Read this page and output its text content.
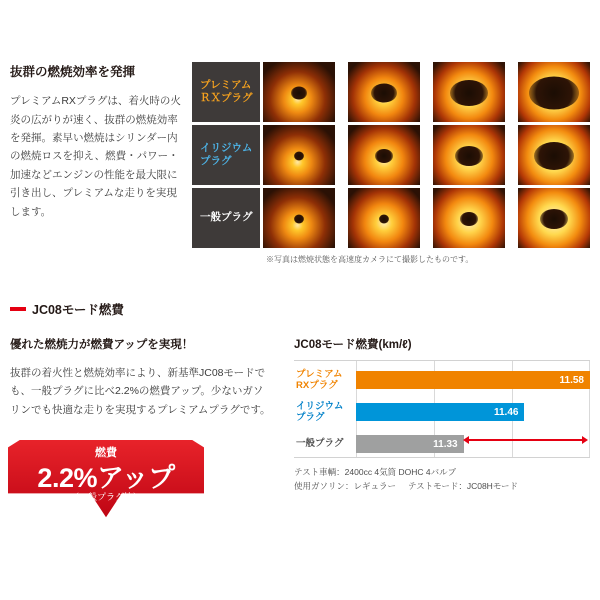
抜群の燃焼効率を発揮
プレミアムRXプラグは、着火時の火炎の広がりが速く、抜群の燃焼効率を発揮。素早い燃焼はシリンダー内の燃焼ロスを抑え、燃費・パワー・加速などエンジンの性能を最大限に引き出し、プレミアムな走りを実現します。
プレミアム
ＲＸプラグ	▶	▶	▶
イリジウム
プラグ	▶	▶	▶
一般プラグ	▶	▶	▶
※写真は燃焼状態を高速度カメラにて撮影したものです。
JC08モード燃費
優れた燃焼力が燃費アップを実現！
抜群の着火性と燃焼効率により、新基準JC08モードでも、一般プラグに比べ2.2%の燃費アップ。少ないガソリンでも快適な走りを実現するプレミアムプラグです。
燃費
2.2%アップ
（一般プラグ比）
JC08モード燃費(km/ℓ)
プレミアム
RXプラグ	11.58
イリジウム
プラグ	11.46
一般プラグ	11.33
テスト車輌：2400cc 4気筒 DOHC 4バルブ
使用ガソリン：レギュラー テストモード：JC08Hモード
